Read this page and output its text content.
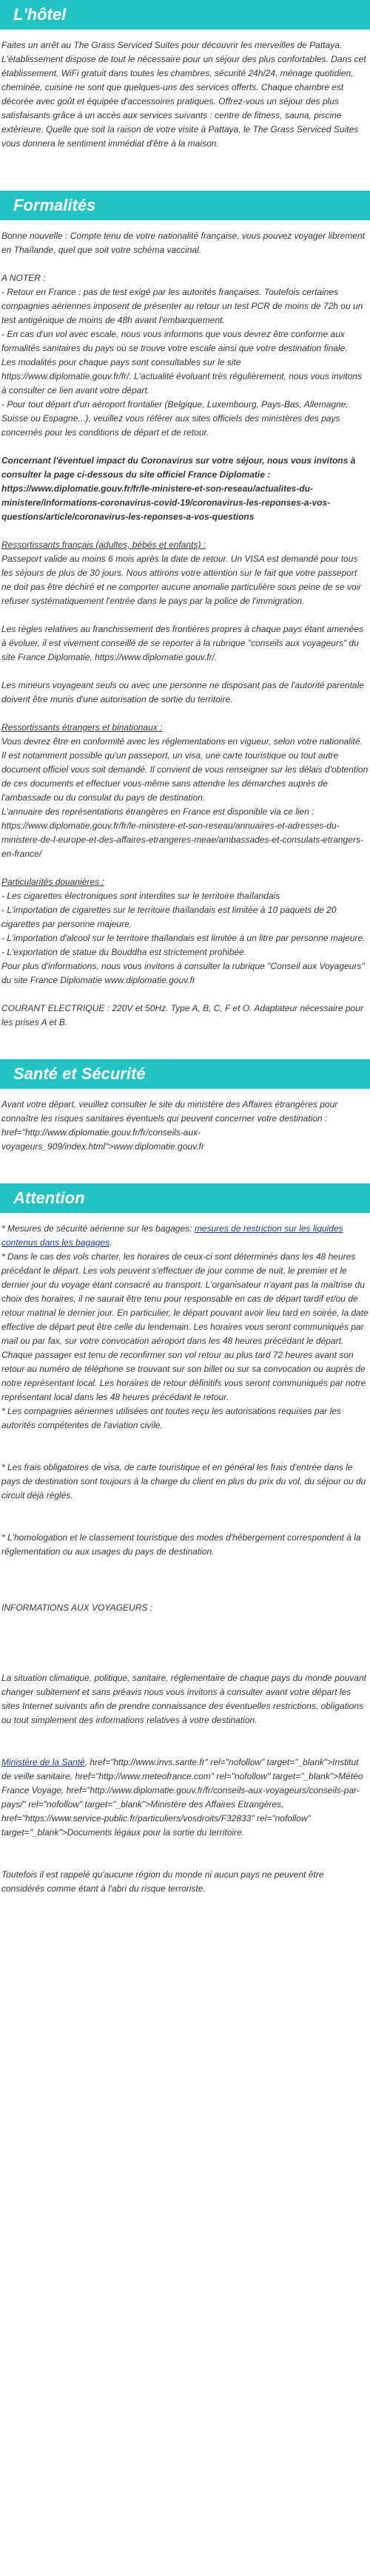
L'hôtel

Faites un arrêt au The Grass Serviced Suites pour découvrir les merveilles de Pattaya. L'établissement dispose de tout le nécessaire pour un séjour des plus confortables. Dans cet établissement, WiFi gratuit dans toutes les chambres, sécurité 24h/24, ménage quotidien, cheminée, cuisine ne sont que quelques-uns des services offerts. Chaque chambre est décorée avec goût et équipée d'accessoires pratiques. Offrez-vous un séjour des plus satisfaisants grâce à un accès aux services suivants : centre de fitness, sauna, piscine extérieure. Quelle que soit la raison de votre visite à Pattaya, le The Grass Serviced Suites vous donnera le sentiment immédiat d'être à la maison.

Formalités

Bonne nouvelle : Compte tenu de votre nationalité française, vous pouvez voyager librement en Thaïlande, quel que soit votre schéma vaccinal.

A NOTER :

- Retour en France : pas de test exigé par les autorités françaises. Toutefois certaines compagnies aériennes imposent de présenter au retour un test PCR de moins de 72h ou un test antigénique de moins de 48h avant l'embarquement.

- En cas d'un vol avec escale, nous vous informons que vous devrez être conforme aux formalités sanitaires du pays où se trouve votre escale ainsi que votre destination finale.

Les modalités pour chaque pays sont consultables sur le site https://www.diplomatie.gouv.fr/fr/. L'actualité évoluant très régulièrement, nous vous invitons à consulter ce lien avant votre départ.

- Pour tout départ d'un aéroport frontalier (Belgique, Luxembourg, Pays-Bas, Allemagne, Suisse ou Espagne...), veuillez vous référer aux sites officiels des ministères des pays concernés pour les conditions de départ et de retour.

Concernant l'éventuel impact du Coronavirus sur votre séjour, nous vous invitons à consulter la page ci-dessous du site officiel France Diplomatie : https://www.diplomatie.gouv.fr/fr/le-ministere-et-son-reseau/actualites-du-ministere/informations-coronavirus-covid-19/coronavirus-les-reponses-a-vos-questions/article/coronavirus-les-reponses-a-vos-questions

Ressortissants français (adultes, bébés et enfants) :

Passeport valide au moins 6 mois après la date de retour. Un VISA est demandé pour tous les séjours de plus de 30 jours. Nous attirons votre attention sur le fait que votre passeport ne doit pas être déchiré et ne comporter aucune anomalie particulière sous peine de se voir refuser systématiquement l'entrée dans le pays par la police de l'immigration.

Les règles relatives au franchissement des frontières propres à chaque pays étant amenées à évoluer, il est vivement conseillé de se reporter à la rubrique "conseils aux voyageurs" du site France Diplomatie, https://www.diplomatie.gouv.fr/.

Les mineurs voyageant seuls ou avec une personne ne disposant pas de l'autorité parentale doivent être munis d'une autorisation de sortie du territoire.

Ressortissants étrangers et binationaux :

Vous devrez être en conformité avec les réglementations en vigueur, selon votre nationalité. Il est notamment possible qu'un passeport, un visa, une carte touristique ou tout autre document officiel vous soit demandé. Il convient de vous renseigner sur les délais d'obtention de ces documents et effectuer vous-même sans attendre les démarches auprès de l'ambassade ou du consulat du pays de destination.

L'annuaire des représentations étrangères en France est disponible via ce lien : https://www.diplomatie.gouv.fr/fr/le-ministere-et-son-reseau/annuaires-et-adresses-du-ministere-de-l-europe-et-des-affaires-etrangeres-meae/ambassades-et-consulats-etrangers-en-france/

Particularités douanières :

- Les cigarettes électroniques sont interdites sur le territoire thaïlandais

- L'importation de cigarettes sur le territoire thaïlandais est limitée à 10 paquets de 20 cigarettes par personne majeure.

- L'importation d'alcool sur le territoire thaïlandais est limitée à un litre par personne majeure.

- L'exportation de statue du Bouddha est strictement prohibée.

Pour plus d'informations, nous vous invitons à consulter la rubrique "Conseil aux Voyageurs" du site France Diplomatie www.diplomatie.gouv.fr

COURANT ELECTRIQUE : 220V et 50Hz. Type A, B, C, F et O. Adaptateur nécessaire pour les prises A et B.

Santé et Sécurité

Avant votre départ, veuillez consulter le site du ministère des Affaires étrangères pour connaître les risques sanitaires éventuels qui peuvent concerner votre destination : href="http://www.diplomatie.gouv.fr/fr/conseils-aux-voyageurs_909/index.html">www.diplomatie.gouv.fr

Attention

* Mesures de sécurité aérienne sur les bagages: mesures de restriction sur les liquides contenus dans les bagages.

* Dans le cas des vols charter, les horaires de ceux-ci sont déterminés dans les 48 heures précédant le départ. Les vols peuvent s'effectuer de jour comme de nuit, le premier et le dernier jour du voyage étant consacré au transport. L'organisateur n'ayant pas la maîtrise du choix des horaires, il ne saurait être tenu pour responsable en cas de départ tardif et/ou de retour matinal le dernier jour. En particulier, le départ pouvant avoir lieu tard en soirée, la date effective de départ peut être celle du lendemain. Les horaires vous seront communiqués par mail ou par fax, sur votre convocation aéroport dans les 48 heures précédant le départ. Chaque passager est tenu de reconfirmer son vol retour au plus tard 72 heures avant son retour au numéro de téléphone se trouvant sur son billet ou sur sa convocation ou auprès de notre représentant local. Les horaires de retour définitifs vous seront communiqués par notre représentant local dans les 48 heures précédant le retour.

* Les compagnies aériennes utilisées ont toutes reçu les autorisations requises par les autorités compétentes de l'aviation civile.

* Les frais obligatoires de visa, de carte touristique et en général les frais d'entrée dans le pays de destination sont toujours à la charge du client en plus du prix du vol, du séjour ou du circuit déjà réglés.

* L'homologation et le classement touristique des modes d'hébergement correspondent à la réglementation ou aux usages du pays de destination.

INFORMATIONS AUX VOYAGEURS :

La situation climatique, politique, sanitaire, réglementaire de chaque pays du monde pouvant changer subitement et sans préavis nous vous invitons à consulter avant votre départ les sites Internet suivants afin de prendre connaissance des éventuelles restrictions, obligations ou tout simplement des informations relatives à votre destination.

Ministère de la Santé, href="http://www.invs.sante.fr" rel="nofollow" target="_blank">Institut de veille sanitaire, href="http://www.meteofrance.com" rel="nofollow" target="_blank">Météo France Voyage, href="http://www.diplomatie.gouv.fr/fr/conseils-aux-voyageurs/conseils-par-pays/" rel="nofollow" target="_blank">Ministère des Affaires Etrangères, href="https://www.service-public.fr/particuliers/vosdroits/F32833" rel="nofollow" target="_blank">Documents légaux pour la sortie du territoire.

Toutefois il est rappelé qu'aucune région du monde ni aucun pays ne peuvent être considérés comme étant à l'abri du risque terroriste.
